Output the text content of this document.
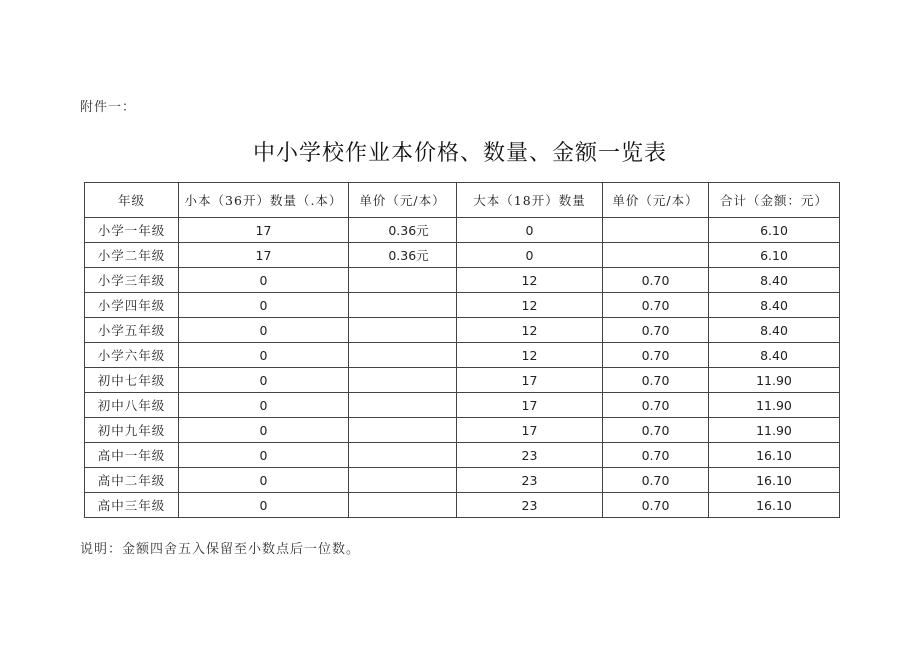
附件一：
中小学校作业本价格、数量、金额一览表
年级	小本（36开）数量（.本）	单价（元/本）	大本（18开）数量	单价（元/本）	合计（金额：元）
小学一年级	17	0.36元	0		6.10
小学二年级	17	0.36元	0		6.10
小学三年级	0		12	0.70	8.40
小学四年级	0		12	0.70	8.40
小学五年级	0		12	0.70	8.40
小学六年级	0		12	0.70	8.40
初中七年级	0		17	0.70	11.90
初中八年级	0		17	0.70	11.90
初中九年级	0		17	0.70	11.90
高中一年级	0		23	0.70	16.10
高中二年级	0		23	0.70	16.10
高中三年级	0		23	0.70	16.10
说明：金额四舍五入保留至小数点后一位数。
